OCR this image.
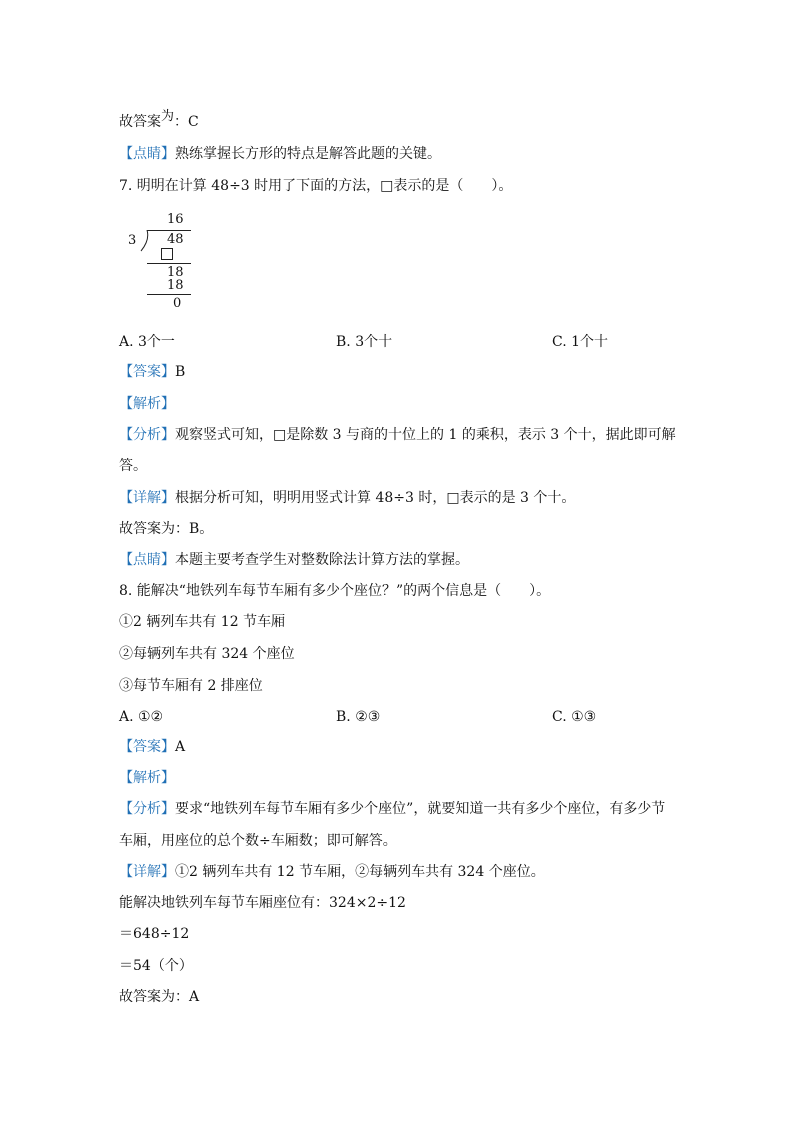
故答案为：C
【点睛】熟练掌握长方形的特点是解答此题的关键。
7. 明明在计算 48÷3 时用了下面的方法，□表示的是（　　）。
16
3 48
18
18
0
A. 3个一	B. 3个十	C. 1个十
【答案】B
【解析】
【分析】观察竖式可知，□是除数 3 与商的十位上的 1 的乘积，表示 3 个十，据此即可解
答。
【详解】根据分析可知，明明用竖式计算 48÷3 时，□表示的是 3 个十。
故答案为：B。
【点睛】本题主要考查学生对整数除法计算方法的掌握。
8. 能解决“地铁列车每节车厢有多少个座位？”的两个信息是（　　）。
①2 辆列车共有 12 节车厢
②每辆列车共有 324 个座位
③每节车厢有 2 排座位
A. ①②	B. ②③	C. ①③
【答案】A
【解析】
【分析】要求“地铁列车每节车厢有多少个座位”，就要知道一共有多少个座位，有多少节
车厢，用座位的总个数÷车厢数；即可解答。
【详解】①2 辆列车共有 12 节车厢，②每辆列车共有 324 个座位。
能解决地铁列车每节车厢座位有：324×2÷12
＝648÷12
＝54（个）
故答案为：A
